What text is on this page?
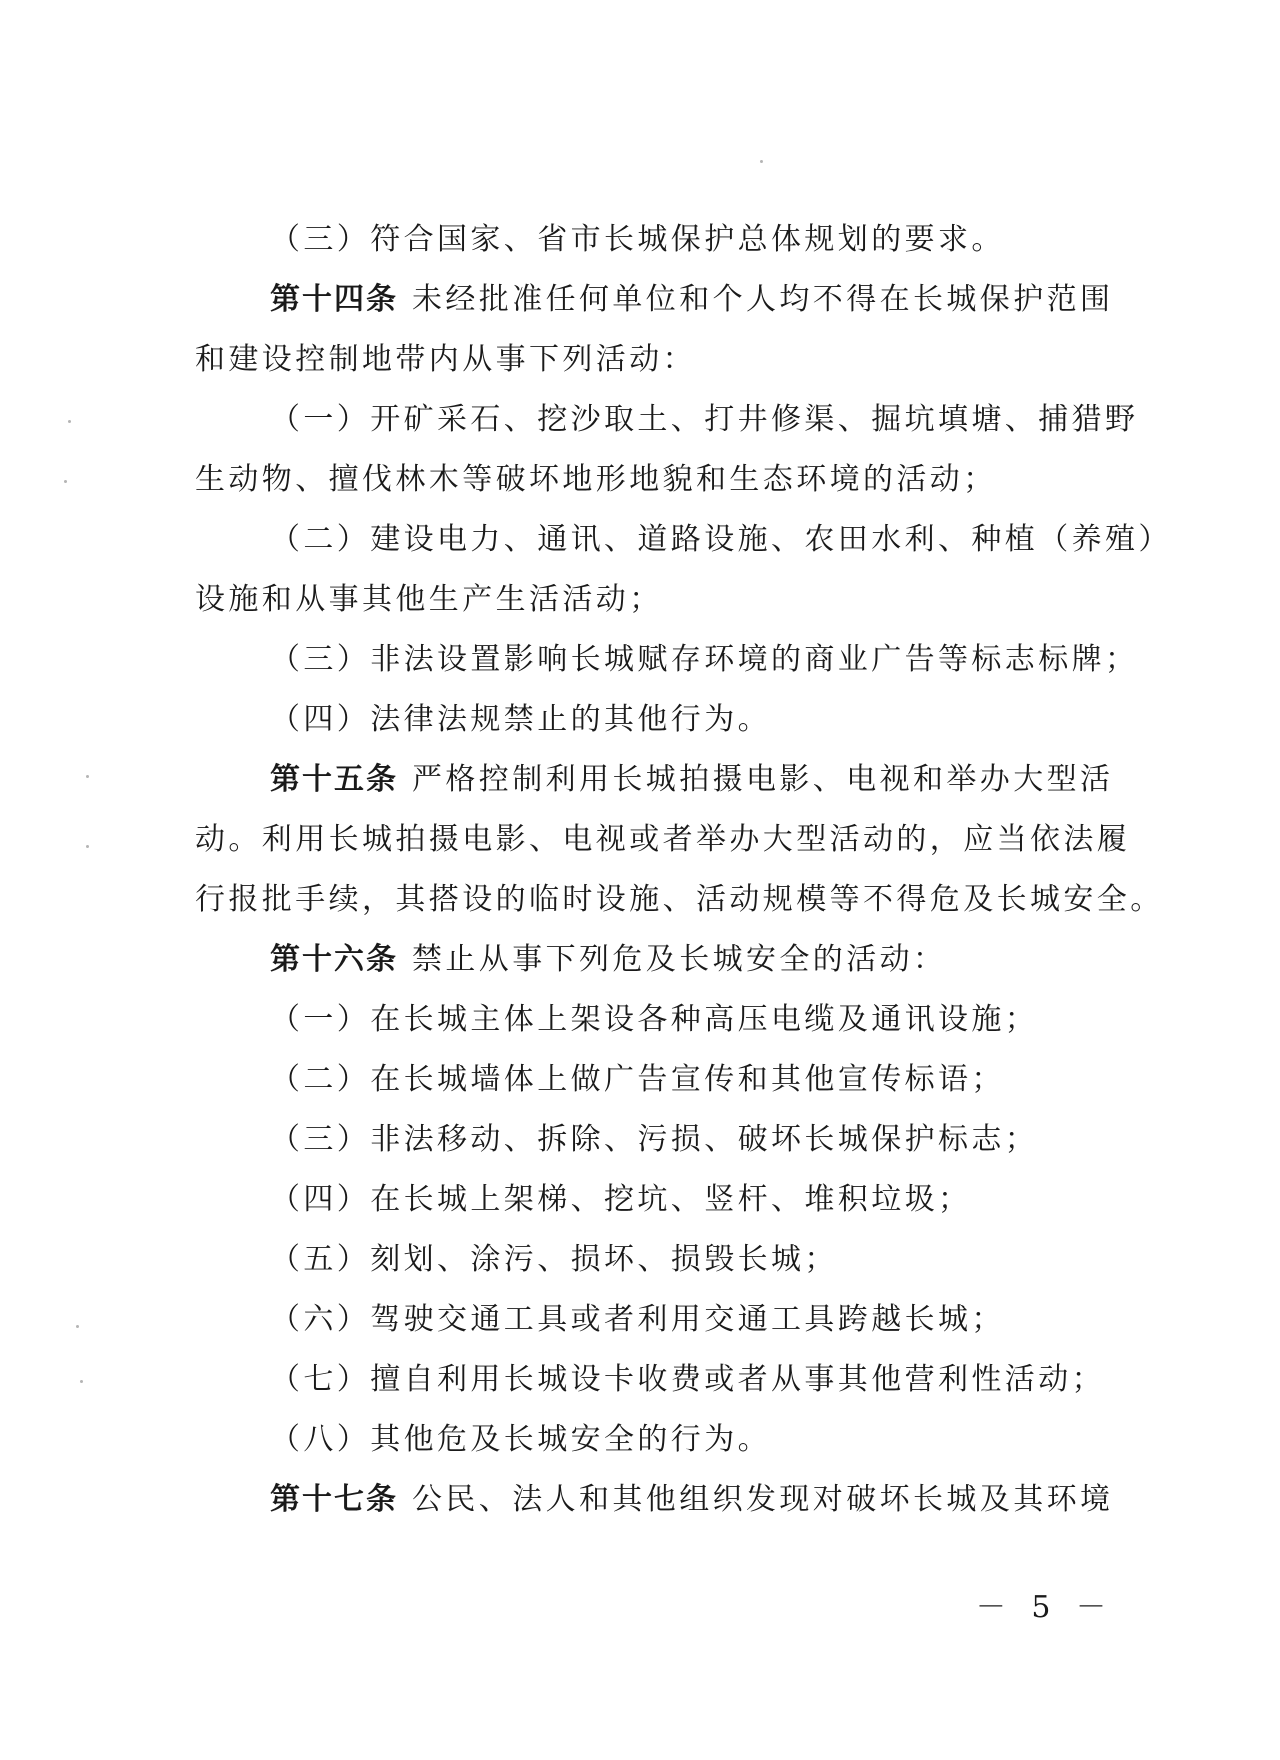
（三）符合国家、省市长城保护总体规划的要求。
第十四条 未经批准任何单位和个人均不得在长城保护范围
和建设控制地带内从事下列活动：
（一）开矿采石、挖沙取土、打井修渠、掘坑填塘、捕猎野
生动物、擅伐林木等破坏地形地貌和生态环境的活动；
（二）建设电力、通讯、道路设施、农田水利、种植（养殖）
设施和从事其他生产生活活动；
（三）非法设置影响长城赋存环境的商业广告等标志标牌；
（四）法律法规禁止的其他行为。
第十五条 严格控制利用长城拍摄电影、电视和举办大型活
动。利用长城拍摄电影、电视或者举办大型活动的，应当依法履
行报批手续，其搭设的临时设施、活动规模等不得危及长城安全。
第十六条 禁止从事下列危及长城安全的活动：
（一）在长城主体上架设各种高压电缆及通讯设施；
（二）在长城墙体上做广告宣传和其他宣传标语；
（三）非法移动、拆除、污损、破坏长城保护标志；
（四）在长城上架梯、挖坑、竖杆、堆积垃圾；
（五）刻划、涂污、损坏、损毁长城；
（六）驾驶交通工具或者利用交通工具跨越长城；
（七）擅自利用长城设卡收费或者从事其他营利性活动；
（八）其他危及长城安全的行为。
第十七条 公民、法人和其他组织发现对破坏长城及其环境
－ 5 －
